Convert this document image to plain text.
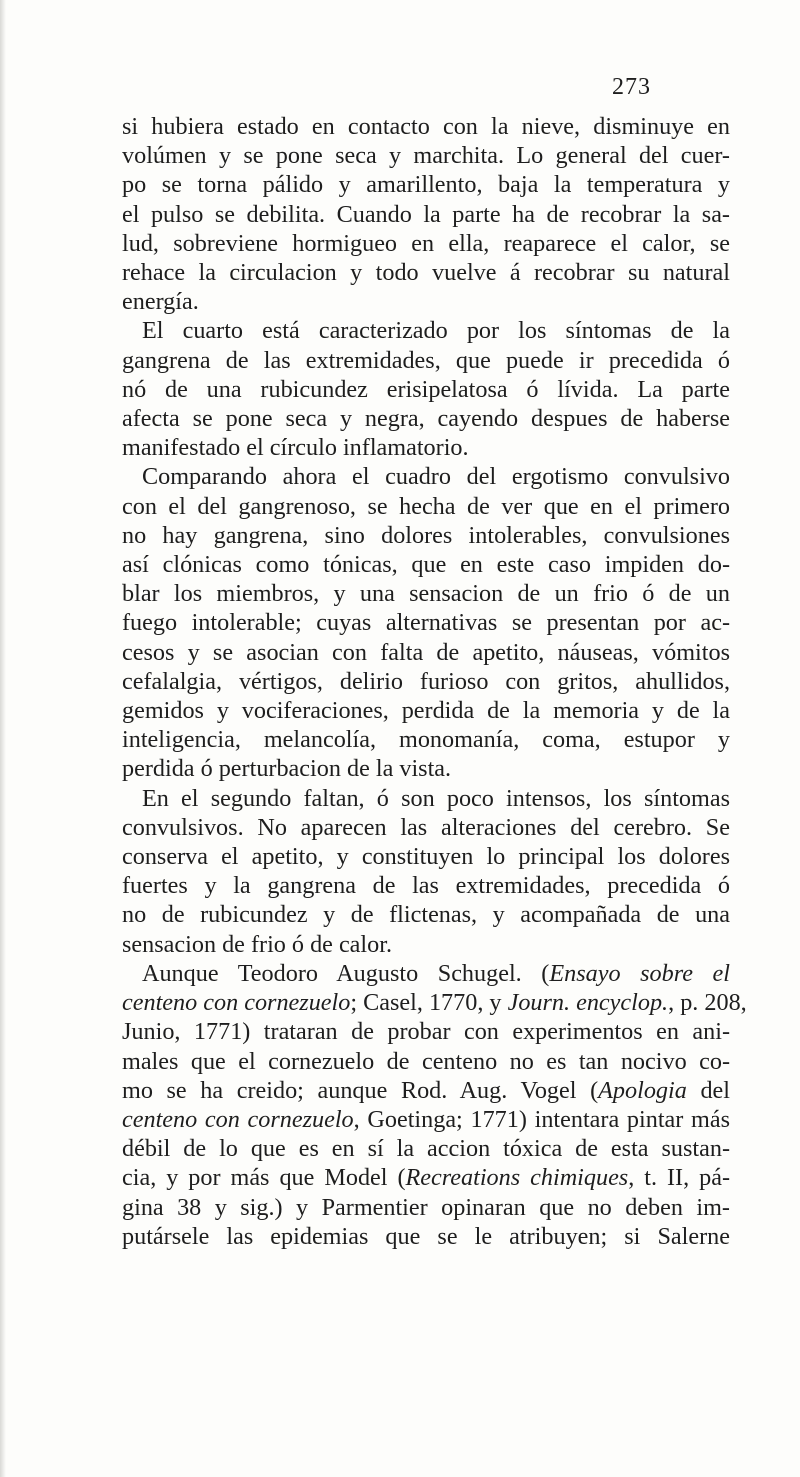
273
si hubiera estado en contacto con la nieve, disminuye en
volúmen y se pone seca y marchita. Lo general del cuer-
po se torna pálido y amarillento, baja la temperatura y
el pulso se debilita. Cuando la parte ha de recobrar la sa-
lud, sobreviene hormigueo en ella, reaparece el calor, se
rehace la circulacion y todo vuelve á recobrar su natural
energía.
El cuarto está caracterizado por los síntomas de la
gangrena de las extremidades, que puede ir precedida ó
nó de una rubicundez erisipelatosa ó lívida. La parte
afecta se pone seca y negra, cayendo despues de haberse
manifestado el círculo inflamatorio.
Comparando ahora el cuadro del ergotismo convulsivo
con el del gangrenoso, se hecha de ver que en el primero
no hay gangrena, sino dolores intolerables, convulsiones
así clónicas como tónicas, que en este caso impiden do-
blar los miembros, y una sensacion de un frio ó de un
fuego intolerable; cuyas alternativas se presentan por ac-
cesos y se asocian con falta de apetito, náuseas, vómitos
cefalalgia, vértigos, delirio furioso con gritos, ahullidos,
gemidos y vociferaciones, perdida de la memoria y de la
inteligencia, melancolía, monomanía, coma, estupor y
perdida ó perturbacion de la vista.
En el segundo faltan, ó son poco intensos, los síntomas
convulsivos. No aparecen las alteraciones del cerebro. Se
conserva el apetito, y constituyen lo principal los dolores
fuertes y la gangrena de las extremidades, precedida ó
no de rubicundez y de flictenas, y acompañada de una
sensacion de frio ó de calor.
Aunque Teodoro Augusto Schugel. (Ensayo sobre el
centeno con cornezuelo; Casel, 1770, y Journ. encyclop., p. 208,
Junio, 1771) trataran de probar con experimentos en ani-
males que el cornezuelo de centeno no es tan nocivo co-
mo se ha creido; aunque Rod. Aug. Vogel (Apologia del
centeno con cornezuelo, Goetinga; 1771) intentara pintar más
débil de lo que es en sí la accion tóxica de esta sustan-
cia, y por más que Model (Recreations chimiques, t. II, pá-
gina 38 y sig.) y Parmentier opinaran que no deben im-
putársele las epidemias que se le atribuyen; si Salerne
